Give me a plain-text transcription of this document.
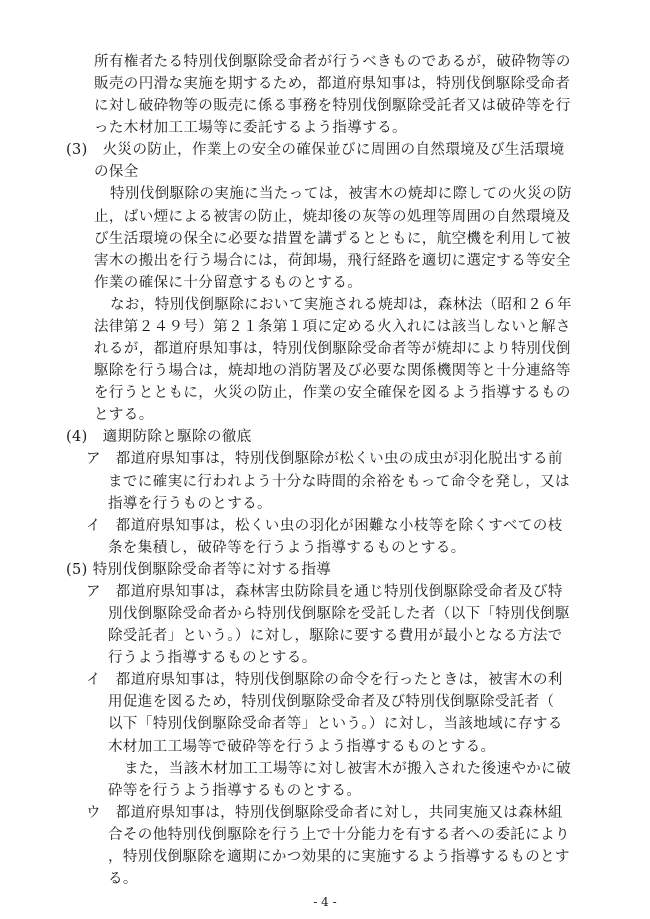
所有権者たる特別伐倒駆除受命者が行うべきものであるが，破砕物等の
販売の円滑な実施を期するため，都道府県知事は，特別伐倒駆除受命者
に対し破砕物等の販売に係る事務を特別伐倒駆除受託者又は破砕等を行
った木材加工工場等に委託するよう指導する。
(3)　火災の防止，作業上の安全の確保並びに周囲の自然環境及び生活環境
の保全
特別伐倒駆除の実施に当たっては，被害木の焼却に際しての火災の防
止，ばい煙による被害の防止，焼却後の灰等の処理等周囲の自然環境及
び生活環境の保全に必要な措置を講ずるとともに，航空機を利用して被
害木の搬出を行う場合には，荷卸場，飛行経路を適切に選定する等安全
作業の確保に十分留意するものとする。
なお，特別伐倒駆除において実施される焼却は，森林法（昭和２６年
法律第２４９号）第２１条第１項に定める火入れには該当しないと解さ
れるが，都道府県知事は，特別伐倒駆除受命者等が焼却により特別伐倒
駆除を行う場合は，焼却地の消防署及び必要な関係機関等と十分連絡等
を行うとともに，火災の防止，作業の安全確保を図るよう指導するもの
とする。
(4)　適期防除と駆除の徹底
ア　都道府県知事は，特別伐倒駆除が松くい虫の成虫が羽化脱出する前
までに確実に行われよう十分な時間的余裕をもって命令を発し，又は
指導を行うものとする。
イ　都道府県知事は，松くい虫の羽化が困難な小枝等を除くすべての枝
条を集積し，破砕等を行うよう指導するものとする。
(5) 特別伐倒駆除受命者等に対する指導
ア　都道府県知事は，森林害虫防除員を通じ特別伐倒駆除受命者及び特
別伐倒駆除受命者から特別伐倒駆除を受託した者（以下「特別伐倒駆
除受託者」という。）に対し，駆除に要する費用が最小となる方法で
行うよう指導するものとする。
イ　都道府県知事は，特別伐倒駆除の命令を行ったときは，被害木の利
用促進を図るため，特別伐倒駆除受命者及び特別伐倒駆除受託者（
以下「特別伐倒駆除受命者等」という。）に対し，当該地域に存する
木材加工工場等で破砕等を行うよう指導するものとする。
また，当該木材加工工場等に対し被害木が搬入された後速やかに破
砕等を行うよう指導するものとする。
ウ　都道府県知事は，特別伐倒駆除受命者に対し，共同実施又は森林組
合その他特別伐倒駆除を行う上で十分能力を有する者への委託により
，特別伐倒駆除を適期にかつ効果的に実施するよう指導するものとす
る。
- 4 -
